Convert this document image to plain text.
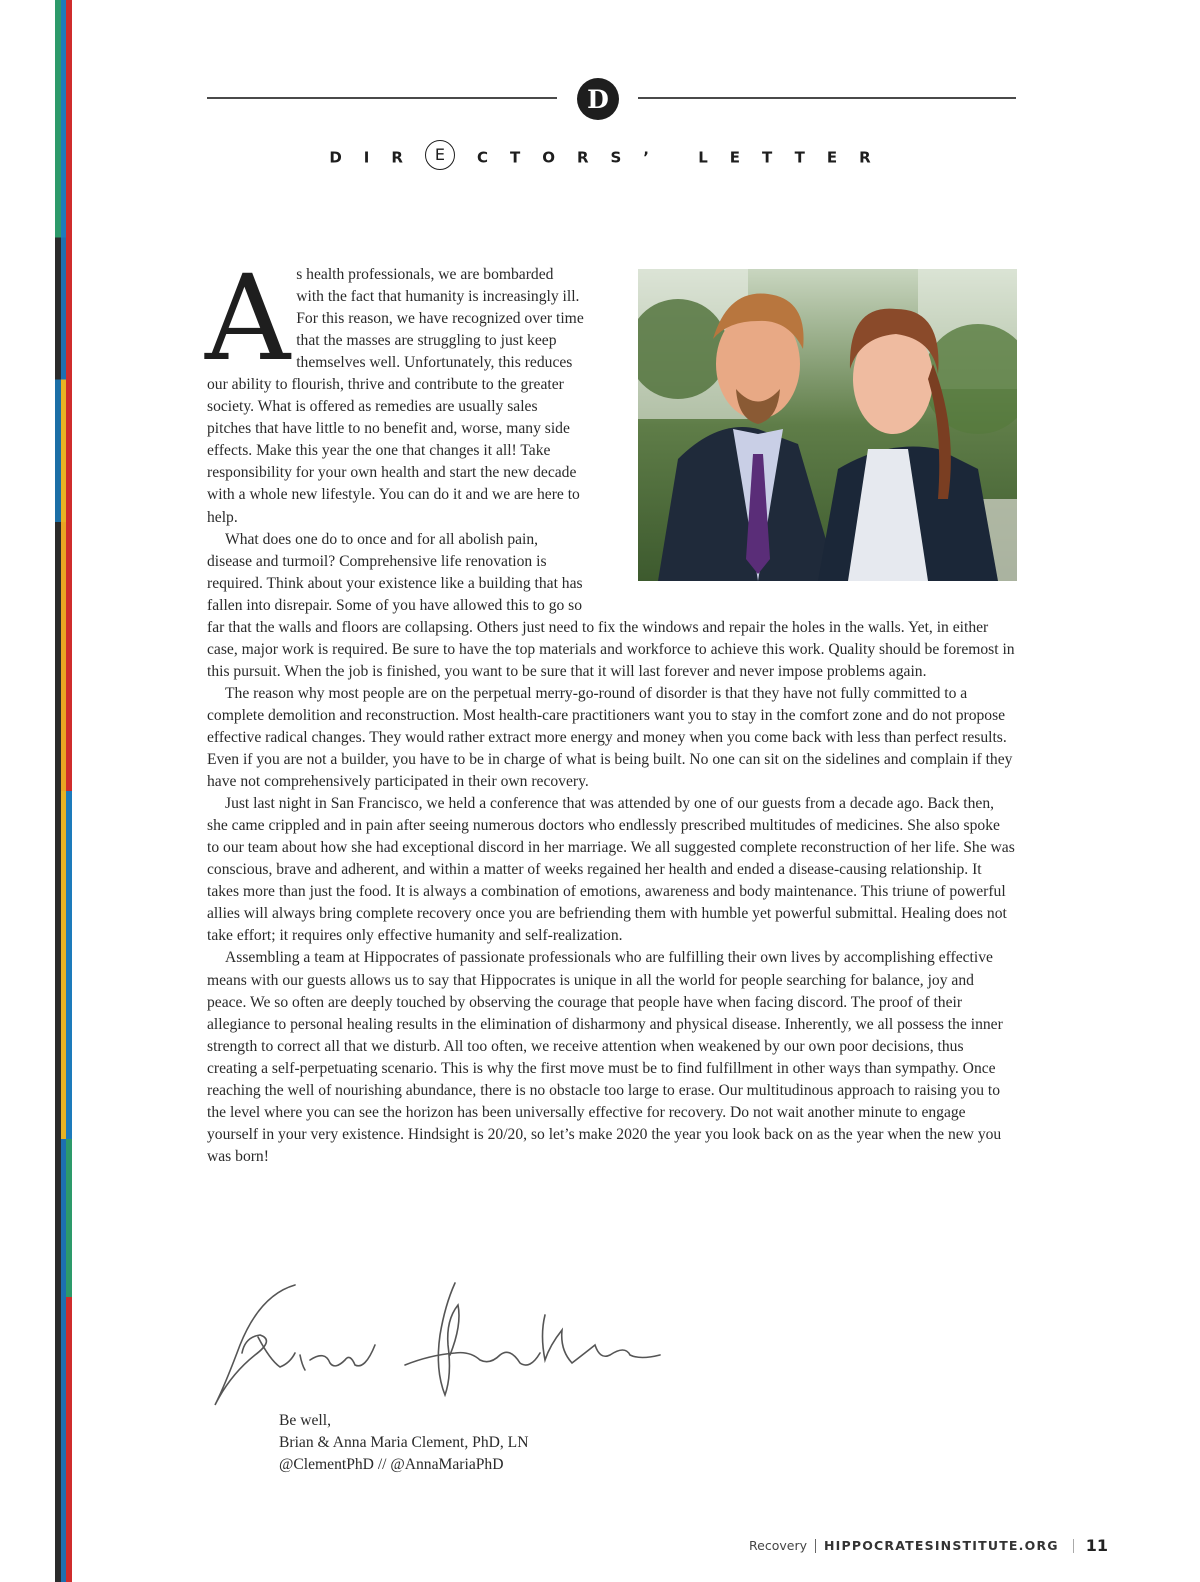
D
DIR E CTORS’ LETTER

As health professionals, we are bombarded with the fact that humanity is increasingly ill. For this reason, we have recognized over time that the masses are struggling to just keep themselves well. Unfortunately, this reduces our ability to flourish, thrive and contribute to the greater society. What is offered as remedies are usually sales pitches that have little to no benefit and, worse, many side effects. Make this year the one that changes it all! Take responsibility for your own health and start the new decade with a whole new lifestyle. You can do it and we are here to help.

What does one do to once and for all abolish pain, disease and turmoil? Comprehensive life renovation is required. Think about your existence like a building that has fallen into disrepair. Some of you have allowed this to go so far that the walls and floors are collapsing. Others just need to fix the windows and repair the holes in the walls. Yet, in either case, major work is required. Be sure to have the top materials and workforce to achieve this work. Quality should be foremost in this pursuit. When the job is finished, you want to be sure that it will last forever and never impose problems again.

The reason why most people are on the perpetual merry-go-round of disorder is that they have not fully committed to a complete demolition and reconstruction. Most health-care practitioners want you to stay in the comfort zone and do not propose effective radical changes. They would rather extract more energy and money when you come back with less than perfect results. Even if you are not a builder, you have to be in charge of what is being built. No one can sit on the sidelines and complain if they have not comprehensively participated in their own recovery.

Just last night in San Francisco, we held a conference that was attended by one of our guests from a decade ago. Back then, she came crippled and in pain after seeing numerous doctors who endlessly prescribed multitudes of medicines. She also spoke to our team about how she had exceptional discord in her marriage. We all suggested complete reconstruction of her life. She was conscious, brave and adherent, and within a matter of weeks regained her health and ended a disease-causing relationship. It takes more than just the food. It is always a combination of emotions, awareness and body maintenance. This triune of powerful allies will always bring complete recovery once you are befriending them with humble yet powerful submittal. Healing does not take effort; it requires only effective humanity and self-realization.

Assembling a team at Hippocrates of passionate professionals who are fulfilling their own lives by accomplishing effective means with our guests allows us to say that Hippocrates is unique in all the world for people searching for balance, joy and peace. We so often are deeply touched by observing the courage that people have when facing discord. The proof of their allegiance to personal healing results in the elimination of disharmony and physical disease. Inherently, we all possess the inner strength to correct all that we disturb. All too often, we receive attention when weakened by our own poor decisions, thus creating a self-perpetuating scenario. This is why the first move must be to find fulfillment in other ways than sympathy. Once reaching the well of nourishing abundance, there is no obstacle too large to erase. Our multitudinous approach to raising you to the level where you can see the horizon has been universally effective for recovery. Do not wait another minute to engage yourself in your very existence. Hindsight is 20/20, so let’s make 2020 the year you look back on as the year when the new you was born!

Be well,
Brian & Anna Maria Clement, PhD, LN
@ClementPhD // @AnnaMariaPhD
Recovery HIPPOCRATESINSTITUTE.ORG 11
